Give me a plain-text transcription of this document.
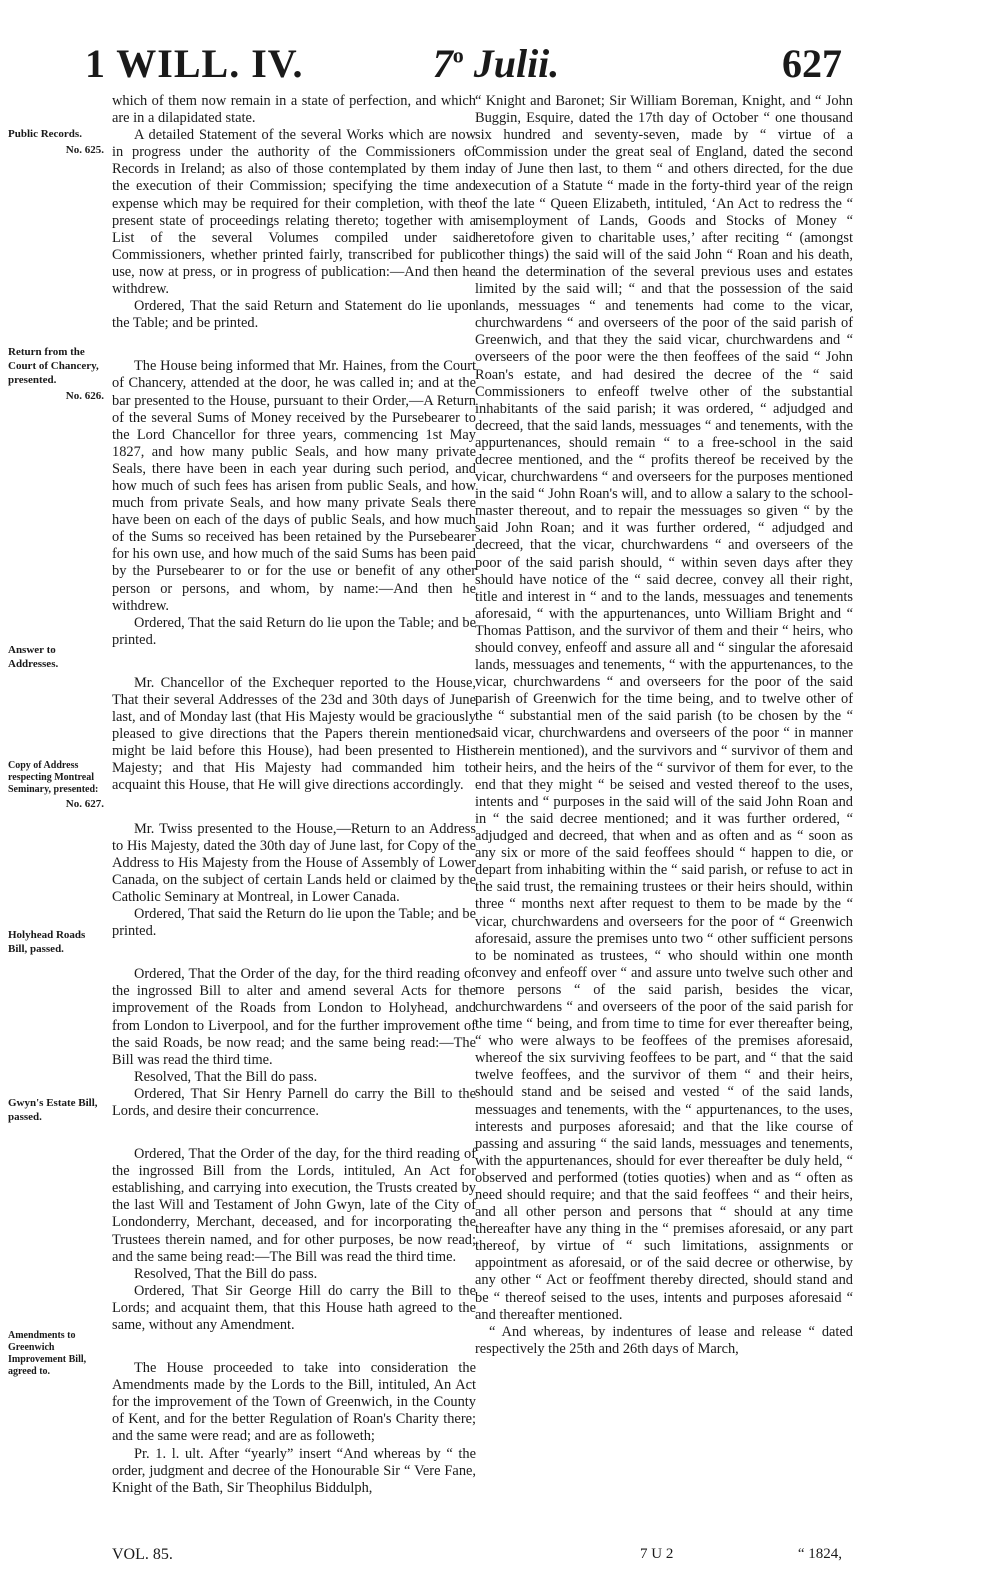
1 WILL. IV.	7$^o$ Julii.	627
Public Records.
No. 625.
Return from the Court of Chancery, presented.
No. 626.
Answer to Addresses.
Copy of Address respecting Montreal Seminary, presented:
No. 627.
Holyhead Roads Bill, passed.
Gwyn's Estate Bill, passed.
Amendments to Greenwich Improvement Bill, agreed to.

which of them now remain in a state of perfection, and which are in a dilapidated state.

A detailed Statement of the several Works which are now in progress under the authority of the Commissioners of Records in Ireland; as also of those contemplated by them in the execution of their Commission; specifying the time and expense which may be required for their completion, with the present state of proceedings relating thereto; together with a List of the several Volumes compiled under said Commissioners, whether printed fairly, transcribed for public use, now at press, or in progress of publication:—And then he withdrew.

Ordered, That the said Return and Statement do lie upon the Table; and be printed.

The House being informed that Mr. Haines, from the Court of Chancery, attended at the door, he was called in; and at the bar presented to the House, pursuant to their Order,—A Return of the several Sums of Money received by the Pursebearer to the Lord Chancellor for three years, commencing 1st May 1827, and how many public Seals, and how many private Seals, there have been in each year during such period, and how much of such fees has arisen from public Seals, and how much from private Seals, and how many private Seals there have been on each of the days of public Seals, and how much of the Sums so received has been retained by the Pursebearer for his own use, and how much of the said Sums has been paid by the Pursebearer to or for the use or benefit of any other person or persons, and whom, by name:—And then he withdrew.

Ordered, That the said Return do lie upon the Table; and be printed.

Mr. Chancellor of the Exchequer reported to the House, That their several Addresses of the 23d and 30th days of June last, and of Monday last (that His Majesty would be graciously pleased to give directions that the Papers therein mentioned might be laid before this House), had been presented to His Majesty; and that His Majesty had commanded him to acquaint this House, that He will give directions accordingly.

Mr. Twiss presented to the House,—Return to an Address to His Majesty, dated the 30th day of June last, for Copy of the Address to His Majesty from the House of Assembly of Lower Canada, on the subject of certain Lands held or claimed by the Catholic Seminary at Montreal, in Lower Canada.

Ordered, That said the Return do lie upon the Table; and be printed.

Ordered, That the Order of the day, for the third reading of the ingrossed Bill to alter and amend several Acts for the improvement of the Roads from London to Holyhead, and from London to Liverpool, and for the further improvement of the said Roads, be now read; and the same being read:—The Bill was read the third time.

Resolved, That the Bill do pass.

Ordered, That Sir Henry Parnell do carry the Bill to the Lords, and desire their concurrence.

Ordered, That the Order of the day, for the third reading of the ingrossed Bill from the Lords, intituled, An Act for establishing, and carrying into execution, the Trusts created by the last Will and Testament of John Gwyn, late of the City of Londonderry, Merchant, deceased, and for incorporating the Trustees therein named, and for other purposes, be now read; and the same being read:—The Bill was read the third time.

Resolved, That the Bill do pass.

Ordered, That Sir George Hill do carry the Bill to the Lords; and acquaint them, that this House hath agreed to the same, without any Amendment.

The House proceeded to take into consideration the Amendments made by the Lords to the Bill, intituled, An Act for the improvement of the Town of Greenwich, in the County of Kent, and for the better Regulation of Roan's Charity there; and the same were read; and are as followeth;

Pr. 1. l. ult. After “yearly” insert “And whereas by “ the order, judgment and decree of the Honourable Sir “ Vere Fane, Knight of the Bath, Sir Theophilus Biddulph,

“ Knight and Baronet; Sir William Boreman, Knight, and “ John Buggin, Esquire, dated the 17th day of October “ one thousand six hundred and seventy-seven, made by “ virtue of a Commission under the great seal of England, dated the second day of June then last, to them “ and others directed, for the due execution of a Statute “ made in the forty-third year of the reign of the late “ Queen Elizabeth, intituled, ‘An Act to redress the “ misemployment of Lands, Goods and Stocks of Money “ heretofore given to charitable uses,’ after reciting “ (amongst other things) the said will of the said John “ Roan and his death, and the determination of the several previous uses and estates limited by the said will; “ and that the possession of the said lands, messuages “ and tenements had come to the vicar, churchwardens “ and overseers of the poor of the said parish of Greenwich, and that they the said vicar, churchwardens and “ overseers of the poor were the then feoffees of the said “ John Roan's estate, and had desired the decree of the “ said Commissioners to enfeoff twelve other of the substantial inhabitants of the said parish; it was ordered, “ adjudged and decreed, that the said lands, messuages “ and tenements, with the appurtenances, should remain “ to a free-school in the said decree mentioned, and the “ profits thereof be received by the vicar, churchwardens “ and overseers for the purposes mentioned in the said “ John Roan's will, and to allow a salary to the school-master thereout, and to repair the messuages so given “ by the said John Roan; and it was further ordered, “ adjudged and decreed, that the vicar, churchwardens “ and overseers of the poor of the said parish should, “ within seven days after they should have notice of the “ said decree, convey all their right, title and interest in “ and to the lands, messuages and tenements aforesaid, “ with the appurtenances, unto William Bright and “ Thomas Pattison, and the survivor of them and their “ heirs, who should convey, enfeoff and assure all and “ singular the aforesaid lands, messuages and tenements, “ with the appurtenances, to the vicar, churchwardens “ and overseers for the poor of the said parish of Greenwich for the time being, and to twelve other of the “ substantial men of the said parish (to be chosen by the “ said vicar, churchwardens and overseers of the poor “ in manner therein mentioned), and the survivors and “ survivor of them and their heirs, and the heirs of the “ survivor of them for ever, to the end that they might “ be seised and vested thereof to the uses, intents and “ purposes in the said will of the said John Roan and in “ the said decree mentioned; and it was further ordered, “ adjudged and decreed, that when and as often and as “ soon as any six or more of the said feoffees should “ happen to die, or depart from inhabiting within the “ said parish, or refuse to act in the said trust, the remaining trustees or their heirs should, within three “ months next after request to them to be made by the “ vicar, churchwardens and overseers for the poor of “ Greenwich aforesaid, assure the premises unto two “ other sufficient persons to be nominated as trustees, “ who should within one month convey and enfeoff over “ and assure unto twelve such other and more persons “ of the said parish, besides the vicar, churchwardens “ and overseers of the poor of the said parish for the time “ being, and from time to time for ever thereafter being, “ who were always to be feoffees of the premises aforesaid, whereof the six surviving feoffees to be part, and “ that the said twelve feoffees, and the survivor of them “ and their heirs, should stand and be seised and vested “ of the said lands, messuages and tenements, with the “ appurtenances, to the uses, interests and purposes aforesaid; and that the like course of passing and assuring “ the said lands, messuages and tenements, with the appurtenances, should for ever thereafter be duly held, “ observed and performed (toties quoties) when and as “ often as need should require; and that the said feoffees “ and their heirs, and all other person and persons that “ should at any time thereafter have any thing in the “ premises aforesaid, or any part thereof, by virtue of “ such limitations, assignments or appointment as aforesaid, or of the said decree or otherwise, by any other “ Act or feoffment thereby directed, should stand and be “ thereof seised to the uses, intents and purposes aforesaid “ and thereafter mentioned.

“ And whereas, by indentures of lease and release “ dated respectively the 25th and 26th days of March,

VOL. 85.	7 U 2	“ 1824,
